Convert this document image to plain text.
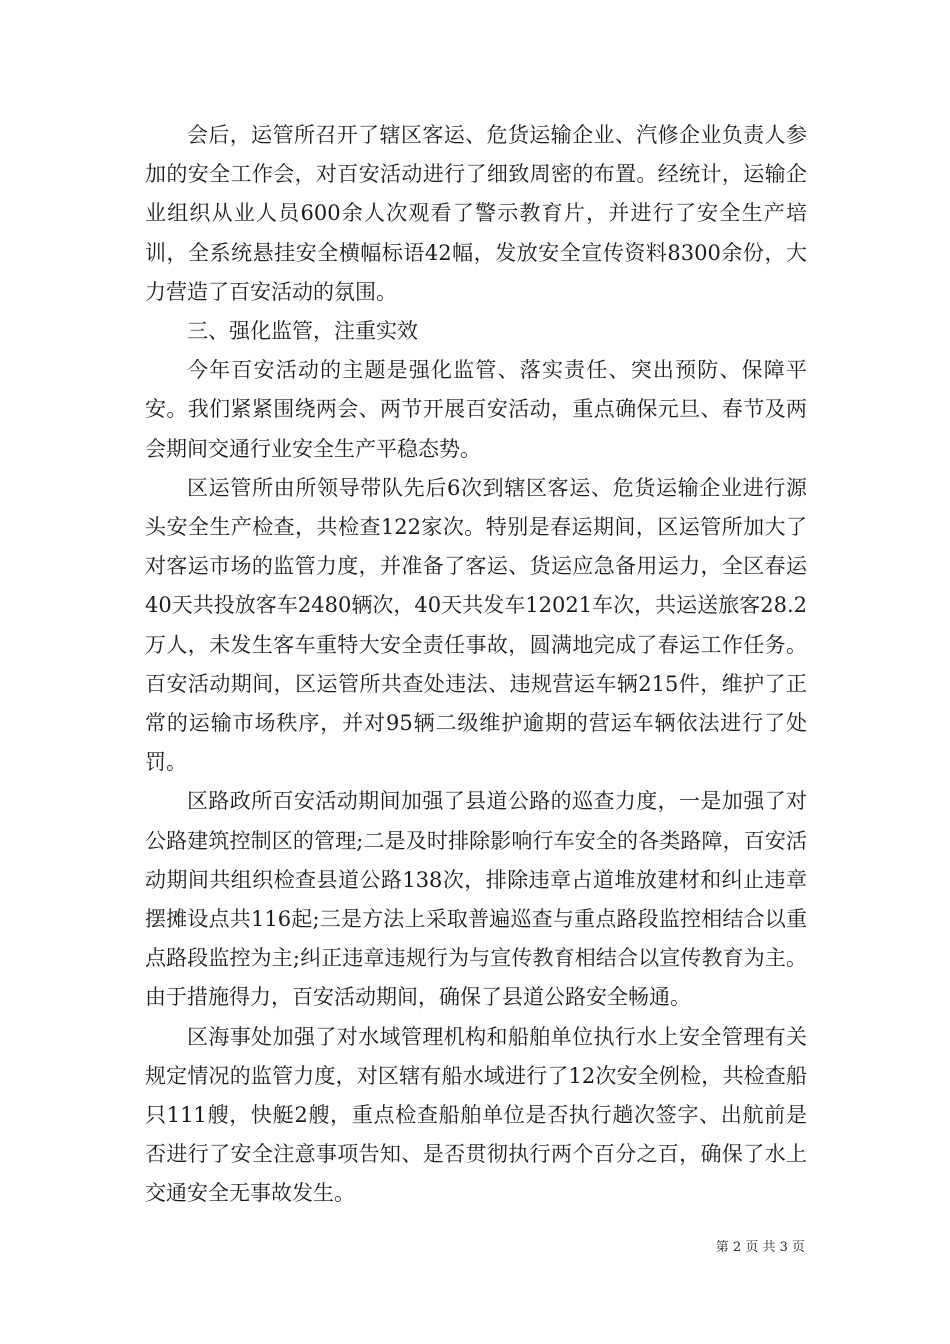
会后，运管所召开了辖区客运、危货运输企业、汽修企业负责人参加的安全工作会，对百安活动进行了细致周密的布置。经统计，运输企业组织从业人员600余人次观看了警示教育片，并进行了安全生产培训，全系统悬挂安全横幅标语42幅，发放安全宣传资料8300余份，大力营造了百安活动的氛围。

三、强化监管，注重实效

今年百安活动的主题是强化监管、落实责任、突出预防、保障平安。我们紧紧围绕两会、两节开展百安活动，重点确保元旦、春节及两会期间交通行业安全生产平稳态势。

区运管所由所领导带队先后6次到辖区客运、危货运输企业进行源头安全生产检查，共检查122家次。特别是春运期间，区运管所加大了对客运市场的监管力度，并准备了客运、货运应急备用运力，全区春运40天共投放客车2480辆次，40天共发车12021车次，共运送旅客28.2万人，未发生客车重特大安全责任事故，圆满地完成了春运工作任务。百安活动期间，区运管所共查处违法、违规营运车辆215件，维护了正常的运输市场秩序，并对95辆二级维护逾期的营运车辆依法进行了处罚。

区路政所百安活动期间加强了县道公路的巡查力度，一是加强了对公路建筑控制区的管理;二是及时排除影响行车安全的各类路障，百安活动期间共组织检查县道公路138次，排除违章占道堆放建材和纠止违章摆摊设点共116起;三是方法上采取普遍巡查与重点路段监控相结合以重点路段监控为主;纠正违章违规行为与宣传教育相结合以宣传教育为主。由于措施得力，百安活动期间，确保了县道公路安全畅通。

区海事处加强了对水域管理机构和船舶单位执行水上安全管理有关规定情况的监管力度，对区辖有船水域进行了12次安全例检，共检查船只111艘，快艇2艘，重点检查船舶单位是否执行趟次签字、出航前是否进行了安全注意事项告知、是否贯彻执行两个百分之百，确保了水上交通安全无事故发生。

第 2 页 共 3 页
